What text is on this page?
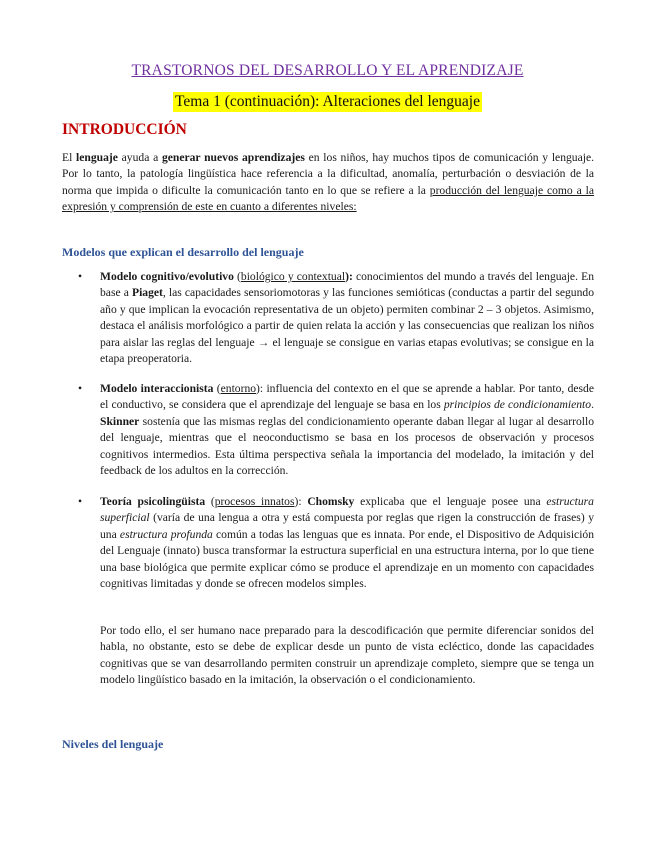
TRASTORNOS DEL DESARROLLO Y EL APRENDIZAJE
Tema 1 (continuación): Alteraciones del lenguaje
INTRODUCCIÓN

El lenguaje ayuda a generar nuevos aprendizajes en los niños, hay muchos tipos de comunicación y lenguaje. Por lo tanto, la patología lingüística hace referencia a la dificultad, anomalía, perturbación o desviación de la norma que impida o dificulte la comunicación tanto en lo que se refiere a la producción del lenguaje como a la expresión y comprensión de este en cuanto a diferentes niveles:

Modelos que explican el desarrollo del lenguaje
• Modelo cognitivo/evolutivo (biológico y contextual): conocimientos del mundo a través del lenguaje. En base a Piaget, las capacidades sensoriomotoras y las funciones semióticas (conductas a partir del segundo año y que implican la evocación representativa de un objeto) permiten combinar 2 – 3 objetos. Asimismo, destaca el análisis morfológico a partir de quien relata la acción y las consecuencias que realizan los niños para aislar las reglas del lenguaje → el lenguaje se consigue en varias etapas evolutivas; se consigue en la etapa preoperatoria.

• Modelo interaccionista (entorno): influencia del contexto en el que se aprende a hablar. Por tanto, desde el conductivo, se considera que el aprendizaje del lenguaje se basa en los principios de condicionamiento. Skinner sostenía que las mismas reglas del condicionamiento operante daban llegar al lugar al desarrollo del lenguaje, mientras que el neoconductismo se basa en los procesos de observación y procesos cognitivos intermedios. Esta última perspectiva señala la importancia del modelado, la imitación y del feedback de los adultos en la corrección.

• Teoría psicolingüista (procesos innatos): Chomsky explicaba que el lenguaje posee una estructura superficial (varía de una lengua a otra y está compuesta por reglas que rigen la construcción de frases) y una estructura profunda común a todas las lenguas que es innata. Por ende, el Dispositivo de Adquisición del Lenguaje (innato) busca transformar la estructura superficial en una estructura interna, por lo que tiene una base biológica que permite explicar cómo se produce el aprendizaje en un momento con capacidades cognitivas limitadas y donde se ofrecen modelos simples.

Por todo ello, el ser humano nace preparado para la descodificación que permite diferenciar sonidos del habla, no obstante, esto se debe de explicar desde un punto de vista ecléctico, donde las capacidades cognitivas que se van desarrollando permiten construir un aprendizaje completo, siempre que se tenga un modelo lingüístico basado en la imitación, la observación o el condicionamiento.

Niveles del lenguaje
